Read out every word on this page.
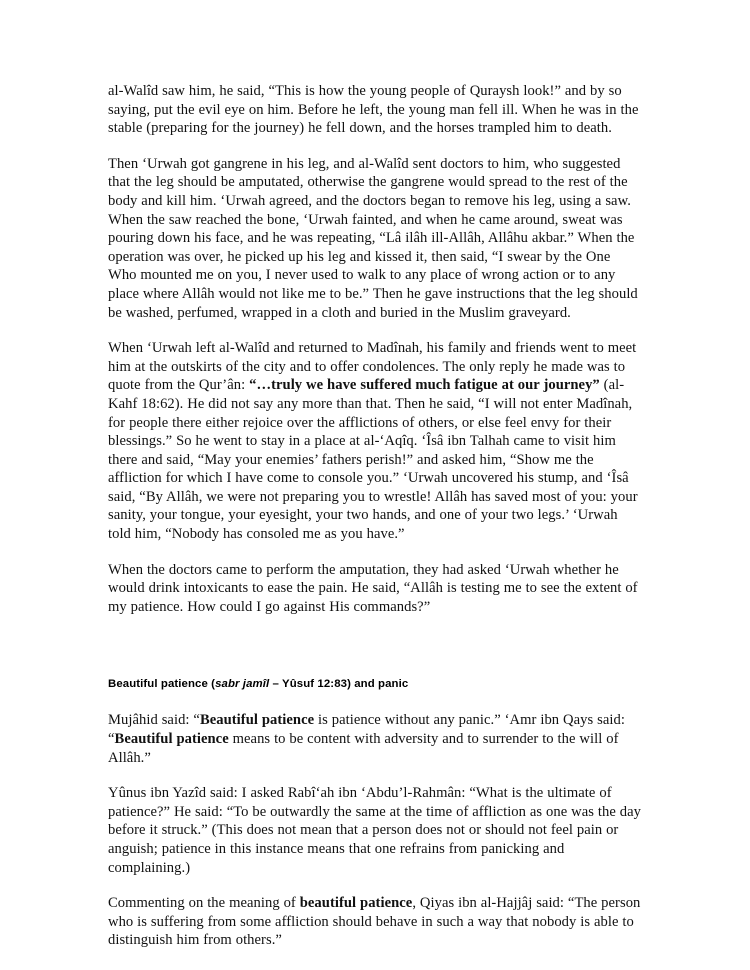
al-Walîd saw him, he said, “This is how the young people of Quraysh look!” and by so saying, put the evil eye on him. Before he left, the young man fell ill. When he was in the stable (preparing for the journey) he fell down, and the horses trampled him to death.

Then ‘Urwah got gangrene in his leg, and al-Walîd sent doctors to him, who suggested that the leg should be amputated, otherwise the gangrene would spread to the rest of the body and kill him. ‘Urwah agreed, and the doctors began to remove his leg, using a saw. When the saw reached the bone, ‘Urwah fainted, and when he came around, sweat was pouring down his face, and he was repeating, “Lâ ilâh ill-Allâh, Allâhu akbar.” When the operation was over, he picked up his leg and kissed it, then said, “I swear by the One Who mounted me on you, I never used to walk to any place of wrong action or to any place where Allâh would not like me to be.” Then he gave instructions that the leg should be washed, perfumed, wrapped in a cloth and buried in the Muslim graveyard.

When ‘Urwah left al-Walîd and returned to Madînah, his family and friends went to meet him at the outskirts of the city and to offer condolences. The only reply he made was to quote from the Qur’ân: “…truly we have suffered much fatigue at our journey” (al-Kahf 18:62). He did not say any more than that. Then he said, “I will not enter Madînah, for people there either rejoice over the afflictions of others, or else feel envy for their blessings.” So he went to stay in a place at al-‘Aqîq. ‘Îsâ ibn Talhah came to visit him there and said, “May your enemies’ fathers perish!” and asked him, “Show me the affliction for which I have come to console you.” ‘Urwah uncovered his stump, and ‘Îsâ said, “By Allâh, we were not preparing you to wrestle! Allâh has saved most of you: your sanity, your tongue, your eyesight, your two hands, and one of your two legs.’ ‘Urwah told him, “Nobody has consoled me as you have.”

When the doctors came to perform the amputation, they had asked ‘Urwah whether he would drink intoxicants to ease the pain. He said, “Allâh is testing me to see the extent of my patience. How could I go against His commands?”

Beautiful patience (sabr jamîl – Yûsuf 12:83) and panic

Mujâhid said: “Beautiful patience is patience without any panic.” ‘Amr ibn Qays said: “Beautiful patience means to be content with adversity and to surrender to the will of Allâh.”

Yûnus ibn Yazîd said: I asked Rabî‘ah ibn ‘Abdu’l-Rahmân: “What is the ultimate of patience?” He said: “To be outwardly the same at the time of affliction as one was the day before it struck.” (This does not mean that a person does not or should not feel pain or anguish; patience in this instance means that one refrains from panicking and complaining.)

Commenting on the meaning of beautiful patience, Qiyas ibn al-Hajjâj said: “The person who is suffering from some affliction should behave in such a way that nobody is able to distinguish him from others.”
